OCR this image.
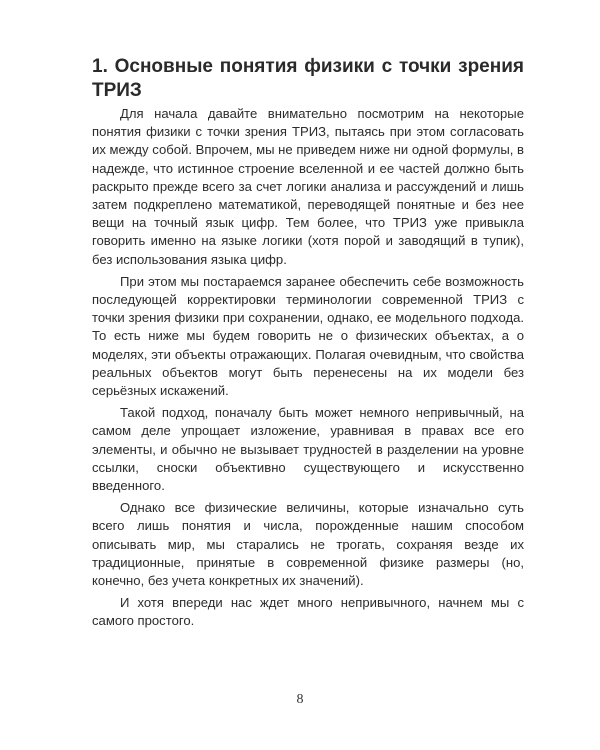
1. Основные понятия физики с точки зрения ТРИЗ

Для начала давайте внимательно посмотрим на некоторые понятия физики с точки зрения ТРИЗ, пытаясь при этом согласовать их между собой. Впрочем, мы не приведем ниже ни одной формулы, в надежде, что истинное строение вселенной и ее частей должно быть раскрыто прежде всего за счет логики анализа и рассуждений и лишь затем подкреплено математикой, переводящей понятные и без нее вещи на точный язык цифр. Тем более, что ТРИЗ уже привыкла говорить именно на языке логики (хотя порой и заводящий в тупик), без использования языка цифр.

При этом мы постараемся заранее обеспечить себе возможность последующей корректировки терминологии современной ТРИЗ с точки зрения физики при сохранении, однако, ее модельного подхода. То есть ниже мы будем говорить не о физических объектах, а о моделях, эти объекты отражающих. Полагая очевидным, что свойства реальных объектов могут быть перенесены на их модели без серьёзных искажений.

Такой подход, поначалу быть может немного непривычный, на самом деле упрощает изложение, уравнивая в правах все его элементы, и обычно не вызывает трудностей в разделении на уровне ссылки, сноски объективно существующего и искусственно введенного.

Однако все физические величины, которые изначально суть всего лишь понятия и числа, порожденные нашим способом описывать мир, мы старались не трогать, сохраняя везде их традиционные, принятые в современной физике размеры (но, конечно, без учета конкретных их значений).

И хотя впереди нас ждет много непривычного, начнем мы с самого простого.

8
